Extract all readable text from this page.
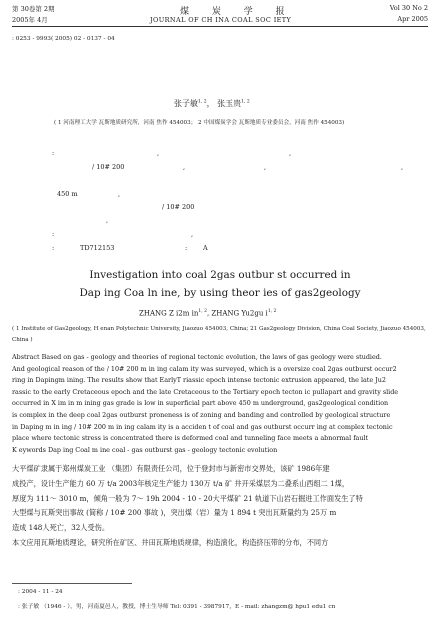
第 30卷第 2期
2005年 4月
煤 炭 学 报
JOURNAL OF CH INA COAL SOC IETY
Vol 30 No 2
Apr 2005
: 0253 - 9993( 2005) 02 - 0137 - 04
张子敏$^{1, 2}$， 张玉贵$^{1, 2}$
( 1 河南理工大学 瓦斯地质研究所，河南 焦作 454003； 2 中国煤炭学会 瓦斯地质专业委员会，河南 焦作 454003)
:	,	,
/ 10# 200	,	,	,
450 m	,
/ 10# 200
,
:	,
:	TD712153	: A
Investigation into coal 2gas outbur st occurred in
Dap ing Coa ln ine, by using theor ies of gas2geology
ZHANG Z i2m in$^{1, 2}$, ZHANG Yu2gu $i^{1, 2}$
( 1 Institute of Gas2geology, H enan Polytechnic University, Jiaozuo 454003, China; 21 Gas2geology Division, China Coal Society, Jiaozuo 454003,
China )
Abstract Based on gas - geology and theories of regional tectonic evolution, the laws of gas geology were studied.
And geological reason of the / 10# 200 m in ing calam ity was surveyed, which is a oversize coal 2gas outburst occur2
ring in Dapingm ining. The results show that EarlyT riassic epoch intense tectonic extrusion appeared, the late Ju2
rassic to the early Cretaceous epoch and the late Cretaceous to the Tertiary epoch tecton ic pullapart and gravity slide
occurred in X im in m ining gas grade is low in superficial part above 450 m underground, gas2geological condition
is complex in the deep coal 2gas outburst proneness is of zoning and banding and controlled by geological structure
in Daping m in ing / 10# 200 m in ing calam ity is a acciden t of coal and gas outburst occurr ing at complex tectonic
place where tectonic stress is concentrated there is deformed coal and tunneling face meets a abnormal fault
K eywords Dap ing Coal m ine coal - gas outburst gas - geology tectonic evolution
大平煤矿隶属于郑州煤炭工业 （集团）有限责任公司，位于登封市与新密市交界处，该矿 1986年建
成投产，设计生产能力 60 万 t/a 2003年核定生产能力 130万 t/a 矿 井开采煤层为二叠系山西组二 1煤，
厚度为 111～ 3010 m，倾角一般为 7～ 19h 2004 - 10 - 20大平煤矿 21 轨道下山岩石掘进工作面发生了特
大型煤与瓦斯突出事故 (简称 / 10# 200 事故 )，突出煤（岩）量为 1 894 t 突出瓦斯量约为 25万 m
造成 148人死亡，32人受伤。
本文应用瓦斯地质理论，研究所在矿区、井田瓦斯地质规律，构造演化，构造挤压带的分布，不同方
: 2004 - 11 - 24
: 张子敏 （1946 - ），男，河南夏邑人，教授，博士生导师 Tel: 0391 - 3987917，E - mail: zhangzm@ hpu1 edu1 cn
